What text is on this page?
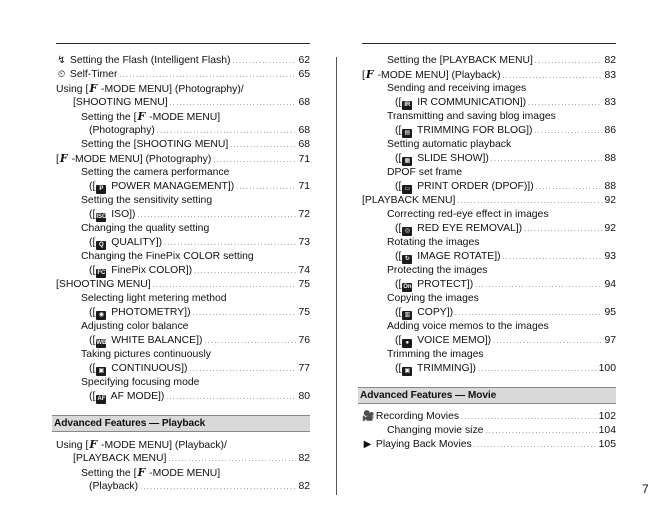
↯ Setting the Flash (Intelligent Flash) . . .	62
⏲ Self-Timer . . .	65
Using [F -MODE MENU] (Photography)/
[SHOOTING MENU] . . .	68
Setting the [F -MODE MENU]
(Photography) . . .	68
Setting the [SHOOTING MENU] . . .	68
[F -MODE MENU] (Photography) . . .	71
Setting the camera performance
([ P POWER MANAGEMENT]) . . .	71
Setting the sensitivity setting
([ISO ISO]) . . .	72
Changing the quality setting
([ Q QUALITY]) . . .	73
Changing the FinePix COLOR setting
([ FC FinePix COLOR]) . . .	74
[SHOOTING MENU] . . .	75
Selecting light metering method
([ ◉ PHOTOMETRY]) . . .	75
Adjusting color balance
([WB WHITE BALANCE]) . . .	76
Taking pictures continuously
([ ▣ CONTINUOUS]) . . .	77
Specifying focusing mode
([ AF AF MODE]) . . .	80
Advanced Features — Playback
Using [F -MODE MENU] (Playback)/
[PLAYBACK MENU] . . .	82
Setting the [F -MODE MENU]
(Playback) . . .	82
Setting the [PLAYBACK MENU] . . .	82
[F -MODE MENU] (Playback) . . .	83
Sending and receiving images
([ IR IR COMMUNICATION]) . . .	83
Transmitting and saving blog images
([ ▤ TRIMMING FOR BLOG]) . . .	86
Setting automatic playback
([ ▦ SLIDE SHOW]) . . .	88
DPOF set frame
([ ▭ PRINT ORDER (DPOF)]) . . .	88
[PLAYBACK MENU] . . .	92
Correcting red-eye effect in images
([ ◎ RED EYE REMOVAL]) . . .	92
Rotating the images
([ ↻ IMAGE ROTATE]) . . .	93
Protecting the images
([ On PROTECT]) . . .	94
Copying the images
([ ▥ COPY]) . . .	95
Adding voice memos to the images
([ ● VOICE MEMO]) . . .	97
Trimming the images
([ ▣ TRIMMING]) . . .	100
Advanced Features — Movie
🎥 Recording Movies . . .	102
Changing movie size . . .	104
▶ Playing Back Movies . . .	105
7
